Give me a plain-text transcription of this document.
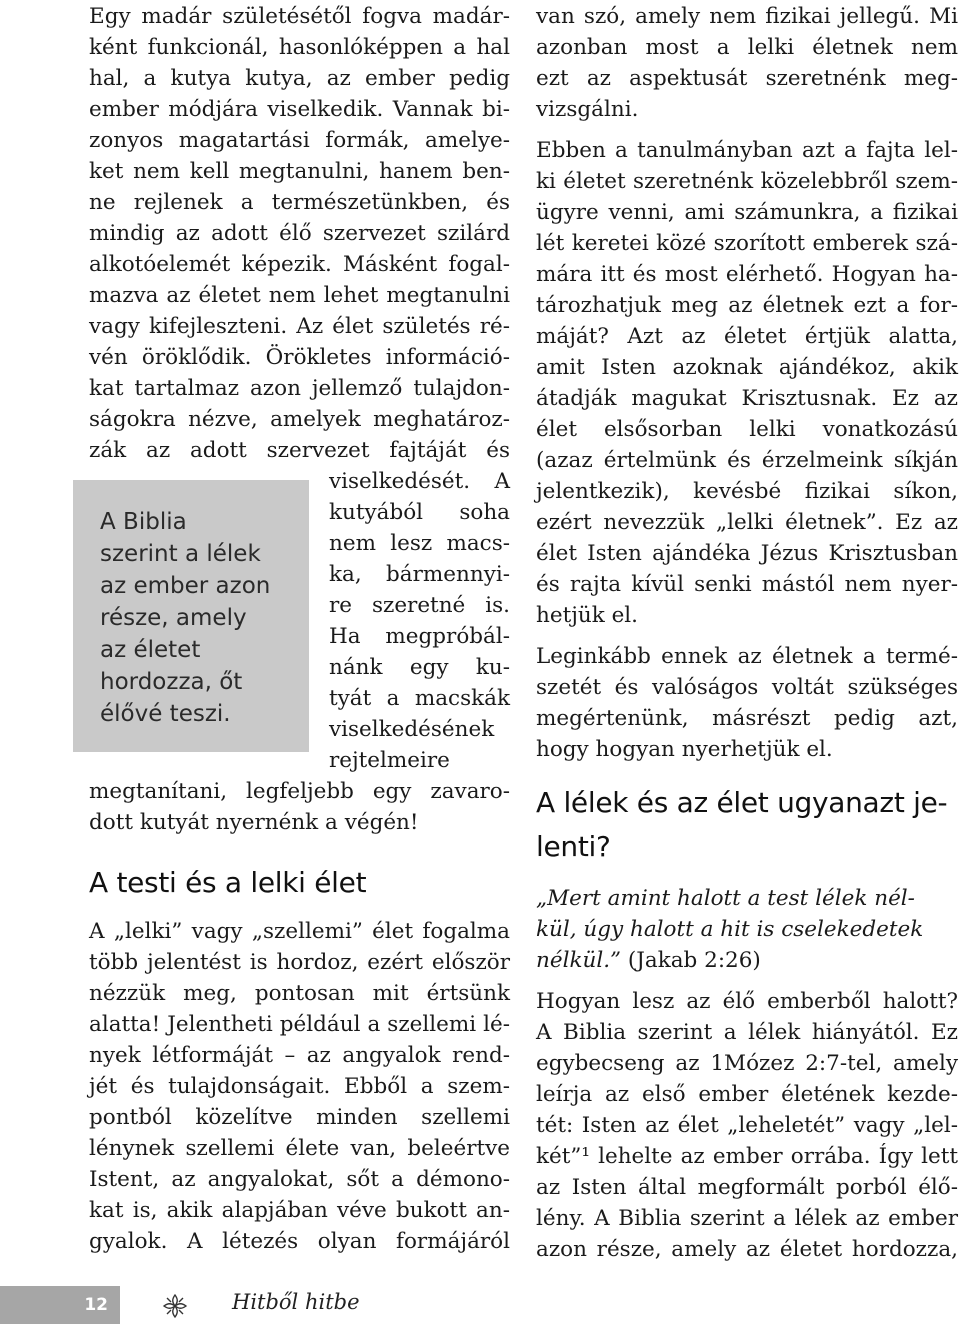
Egy madár születésétől fogva madár-
ként funkcionál, hasonlóképpen a hal
hal, a kutya kutya, az ember pedig
ember módjára viselkedik. Vannak bi-
zonyos magatartási formák, amelye-
ket nem kell megtanulni, hanem ben-
ne rejlenek a természetünkben, és
mindig az adott élő szervezet szilárd
alkotóelemét képezik. Másként fogal-
mazva az életet nem lehet megtanulni
vagy kifejleszteni. Az élet születés ré-
vén öröklődik. Örökletes információ-
kat tartalmaz azon jellemző tulajdon-
ságokra nézve, amelyek meghatároz-
zák az adott szervezet fajtáját és
viselkedését. A
kutyából soha
nem lesz macs-
ka, bármennyi-
re szeretné is.
Ha megpróbál-
nánk egy ku-
tyát a macskák
viselkedésének
rejtelmeire
megtanítani, legfeljebb egy zavaro-
dott kutyát nyernénk a végén!

A testi és a lelki élet

A „lelki” vagy „szellemi” élet fogalma
több jelentést is hordoz, ezért először
nézzük meg, pontosan mit értsünk
alatta! Jelentheti például a szellemi lé-
nyek létformáját – az angyalok rend-
jét és tulajdonságait. Ebből a szem-
pontból közelítve minden szellemi
lénynek szellemi élete van, beleértve
Istent, az angyalokat, sőt a démono-
kat is, akik alapjában véve bukott an-
gyalok. A létezés olyan formájáról

A Biblia
szerint a lélek
az ember azon
része, amely
az életet
hordozza, őt
élővé teszi.

van szó, amely nem fizikai jellegű. Mi
azonban most a lelki életnek nem
ezt az aspektusát szeretnénk meg-
vizsgálni.

Ebben a tanulmányban azt a fajta lel-
ki életet szeretnénk közelebbről szem-
ügyre venni, ami számunkra, a fizikai
lét keretei közé szorított emberek szá-
mára itt és most elérhető. Hogyan ha-
tározhatjuk meg az életnek ezt a for-
máját? Azt az életet értjük alatta,
amit Isten azoknak ajándékoz, akik
átadják magukat Krisztusnak. Ez az
élet elsősorban lelki vonatkozású
(azaz értelmünk és érzelmeink síkján
jelentkezik), kevésbé fizikai síkon,
ezért nevezzük „lelki életnek”. Ez az
élet Isten ajándéka Jézus Krisztusban
és rajta kívül senki mástól nem nyer-
hetjük el.

Leginkább ennek az életnek a termé-
szetét és valóságos voltát szükséges
megértenünk, másrészt pedig azt,
hogy hogyan nyerhetjük el.

A lélek és az élet ugyanazt je-
lenti?

„Mert amint halott a test lélek nél-
kül, úgy halott a hit is cselekedetek
nélkül.” (Jakab 2:26)

Hogyan lesz az élő emberből halott?
A Biblia szerint a lélek hiányától. Ez
egybecseng az 1Mózez 2:7-tel, amely
leírja az első ember életének kezde-
tét: Isten az élet „leheletét” vagy „lel-
két”¹ lehelte az ember orrába. Így lett
az Isten által megformált porból élő-
lény. A Biblia szerint a lélek az ember
azon része, amely az életet hordozza,

12	Hitből hitbe
